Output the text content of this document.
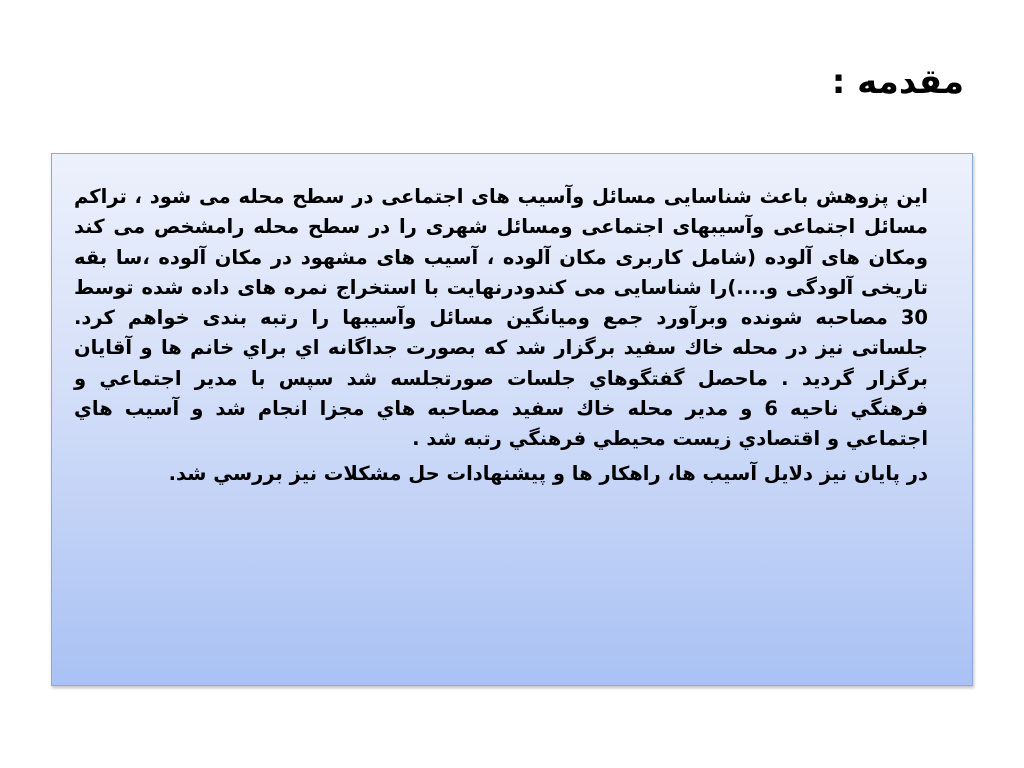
مقدمه :

این پزوهش باعث شناسایی مسائل وآسیب های اجتماعی در سطح محله می شود ، تراکم مسائل اجتماعی وآسیبهای اجتماعی ومسائل شهری را در سطح محله رامشخص می کند ومکان های آلوده (شامل کاربری مکان آلوده ، آسیب های مشهود در مکان آلوده ،سا بقه تاریخی آلودگی و....)را شناسایی می کندودرنهایت با استخراج نمره های داده شده توسط 30 مصاحبه شونده وبرآورد جمع ومیانگین مسائل وآسیبها را رتبه بندی خواهم کرد. جلساتی نیز در محله خاك سفيد برگزار شد که بصورت جداگانه اي براي خانم ها و آقايان برگزار گرديد . ماحصل گفتگوهاي جلسات صورتجلسه شد سپس با مدير اجتماعي و فرهنگي ناحيه 6 و مدير محله خاك سفيد مصاحبه هاي مجزا انجام شد و آسيب هاي اجتماعي و اقتصادي زيست محيطي فرهنگي رتبه شد .

در پايان نيز دلايل آسيب ها، راهكار ها و پيشنهادات حل مشكلات نيز بررسي شد.
